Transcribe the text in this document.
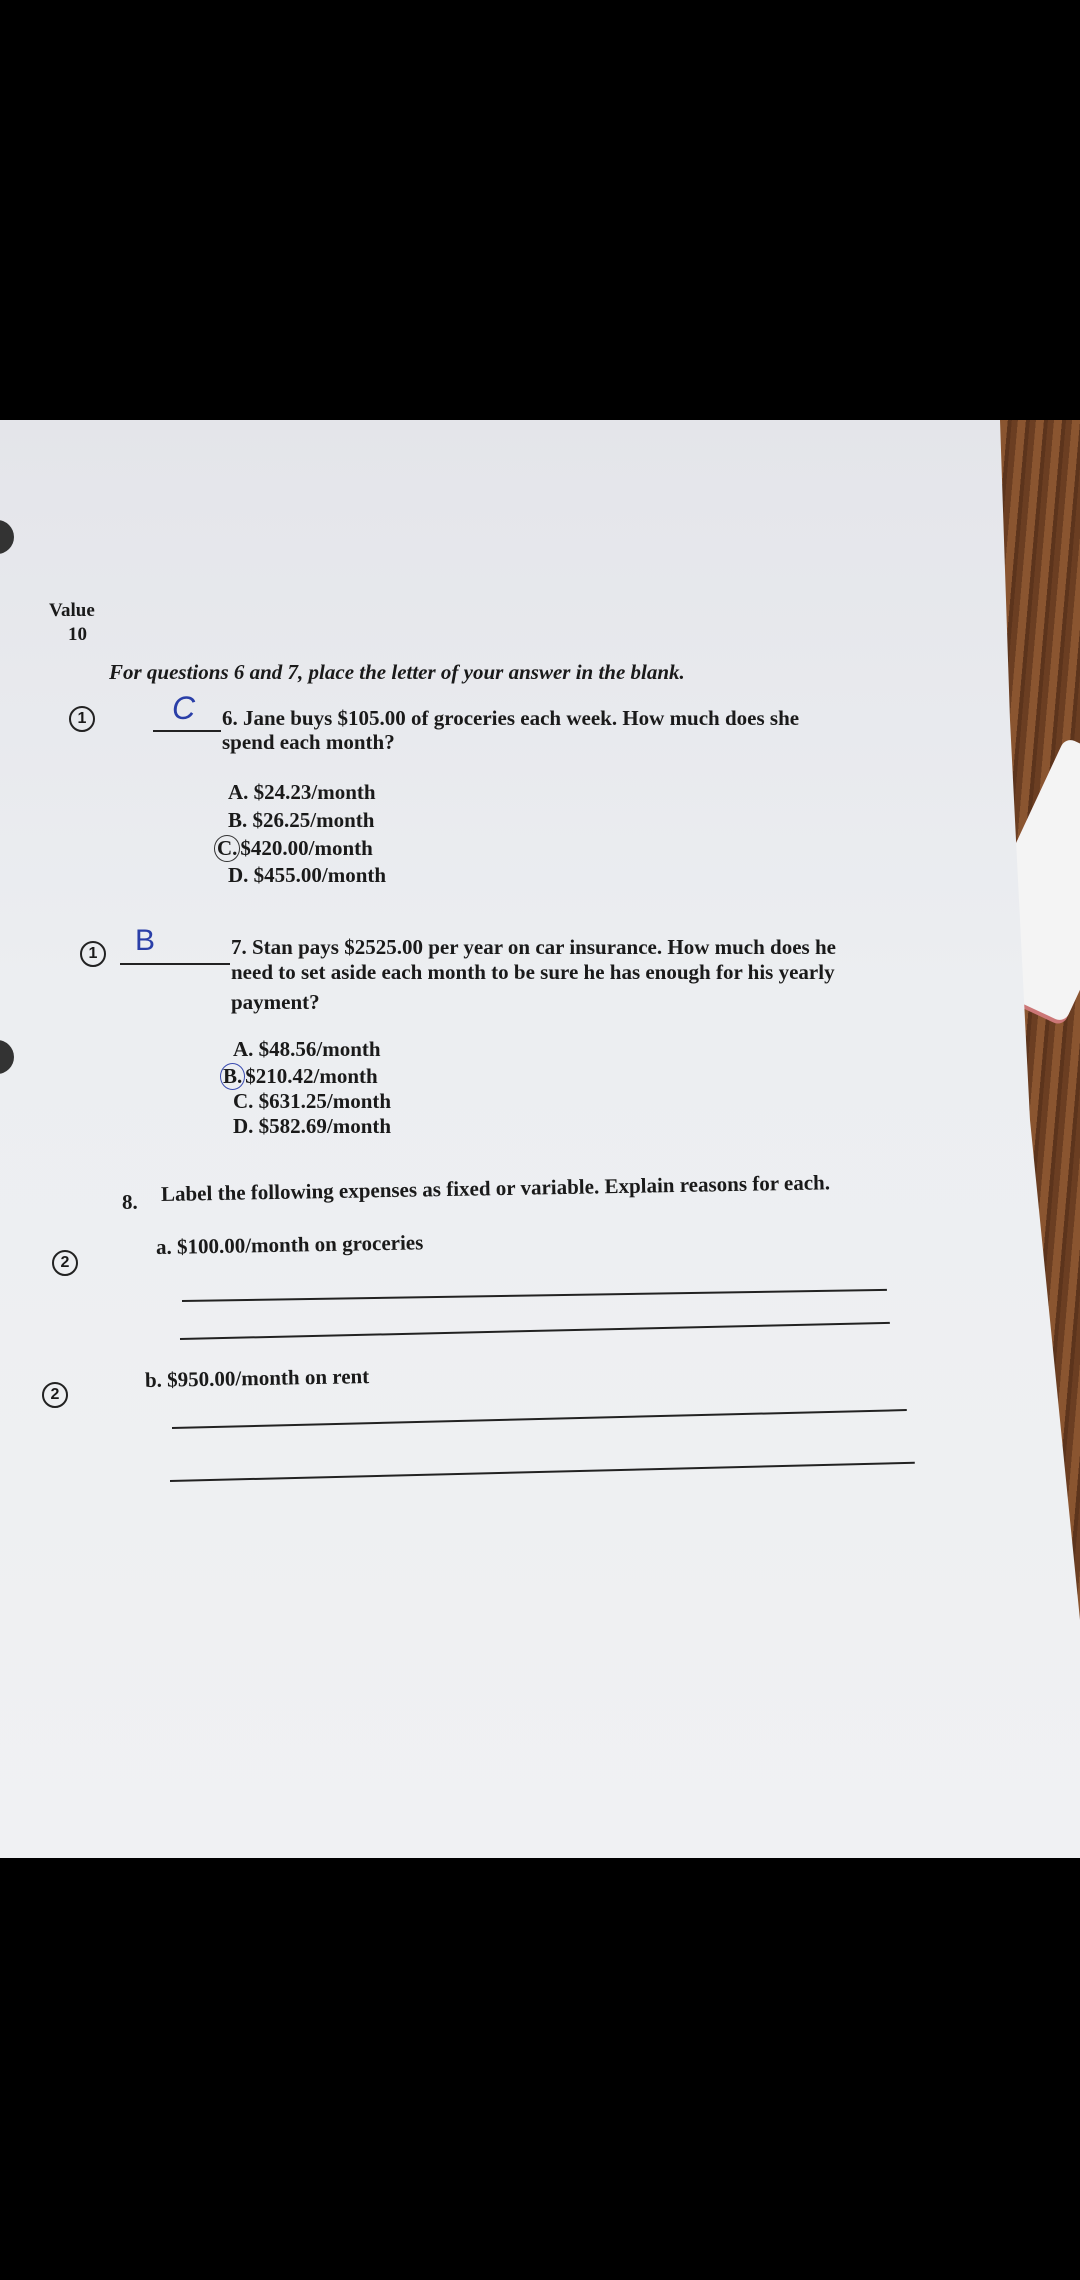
Value
10
For questions 6 and 7, place the letter of your answer in the blank.
1	C 6. Jane buys $105.00 of groceries each week. How much does she
spend each month?
A. $24.23/month
B. $26.25/month
C. $420.00/month
D. $455.00/month
1 B	7. Stan pays $2525.00 per year on car insurance. How much does he
need to set aside each month to be sure he has enough for his yearly
payment?
A. $48.56/month
B. $210.42/month
C. $631.25/month
D. $582.69/month
8. Label the following expenses as fixed or variable. Explain reasons for each.
2
a. $100.00/month on groceries
2
b. $950.00/month on rent
